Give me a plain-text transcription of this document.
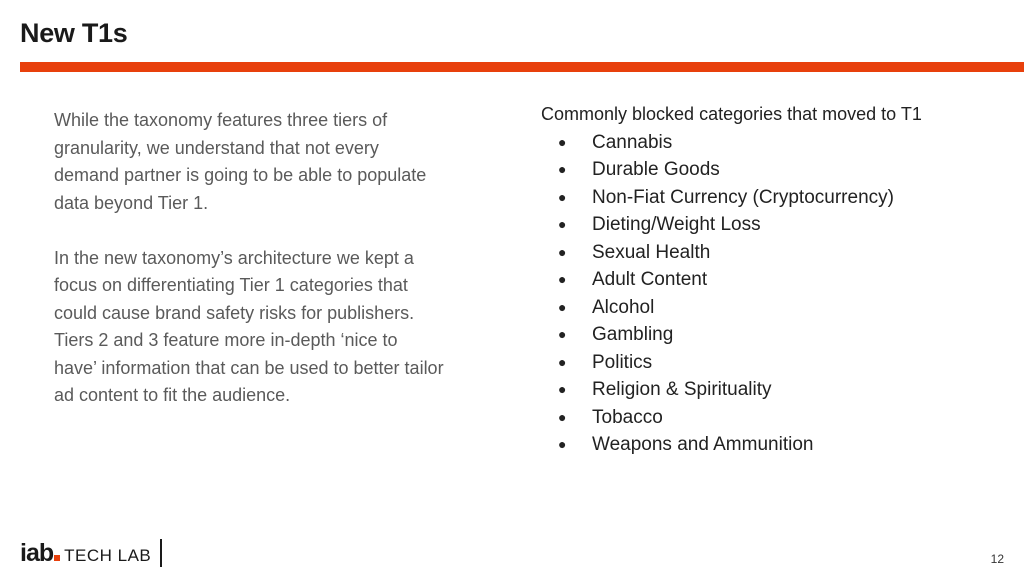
New T1s

While the taxonomy features three tiers of granularity, we understand that not every demand partner is going to be able to populate data beyond Tier 1.

In the new taxonomy’s architecture we kept a focus on differentiating Tier 1 categories that could cause brand safety risks for publishers. Tiers 2 and 3 feature more in-depth ‘nice to have’ information that can be used to better tailor ad content to fit the audience.

Commonly blocked categories that moved to T1

● Cannabis
● Durable Goods
● Non-Fiat Currency (Cryptocurrency)
● Dieting/Weight Loss
● Sexual Health
● Adult Content
● Alcohol
● Gambling
● Politics
● Religion & Spirituality
● Tobacco
● Weapons and Ammunition
iab TECH LAB	12
